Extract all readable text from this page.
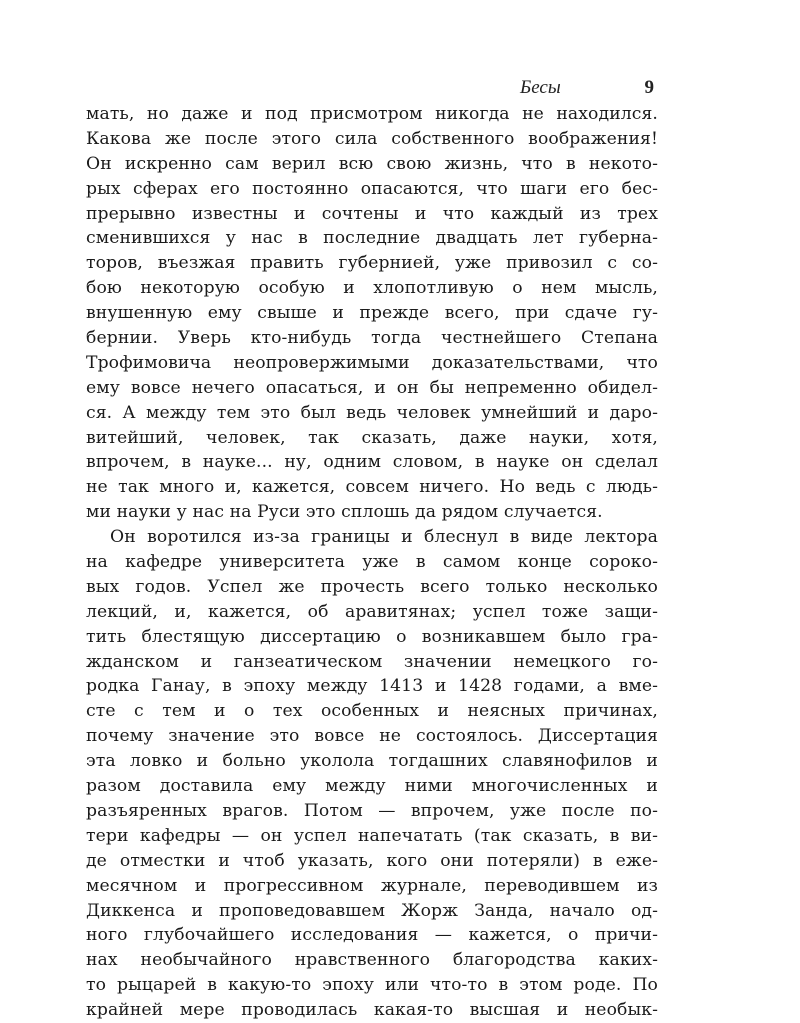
Бесы	9
мать, но даже и под присмотром никогда не находился.
Какова же после этого сила собственного воображения!
Он искренно сам верил всю свою жизнь, что в некото-
рых сферах его постоянно опасаются, что шаги его бес-
прерывно известны и сочтены и что каждый из трех
сменившихся у нас в последние двадцать лет губерна-
торов, въезжая править губернией, уже привозил с со-
бою некоторую особую и хлопотливую о нем мысль,
внушенную ему свыше и прежде всего, при сдаче гу-
бернии. Уверь кто-нибудь тогда честнейшего Степана
Трофимовича неопровержимыми доказательствами, что
ему вовсе нечего опасаться, и он бы непременно обидел-
ся. А между тем это был ведь человек умнейший и даро-
витейший, человек, так сказать, даже науки, хотя,
впрочем, в науке... ну, одним словом, в науке он сделал
не так много и, кажется, совсем ничего. Но ведь с людь-
ми науки у нас на Руси это сплошь да рядом случается.
Он воротился из-за границы и блеснул в виде лектора
на кафедре университета уже в самом конце сороко-
вых годов. Успел же прочесть всего только несколько
лекций, и, кажется, об аравитянах; успел тоже защи-
тить блестящую диссертацию о возникавшем было гра-
жданском и ганзеатическом значении немецкого го-
родка Ганау, в эпоху между 1413 и 1428 годами, а вме-
сте с тем и о тех особенных и неясных причинах,
почему значение это вовсе не состоялось. Диссертация
эта ловко и больно уколола тогдашних славянофилов и
разом доставила ему между ними многочисленных и
разъяренных врагов. Потом — впрочем, уже после по-
тери кафедры — он успел напечатать (так сказать, в ви-
де отместки и чтоб указать, кого они потеряли) в еже-
месячном и прогрессивном журнале, переводившем из
Диккенса и проповедовавшем Жорж Занда, начало од-
ного глубочайшего исследования — кажется, о причи-
нах необычайного нравственного благородства каких-
то рыцарей в какую-то эпоху или что-то в этом роде. По
крайней мере проводилась какая-то высшая и необык-
